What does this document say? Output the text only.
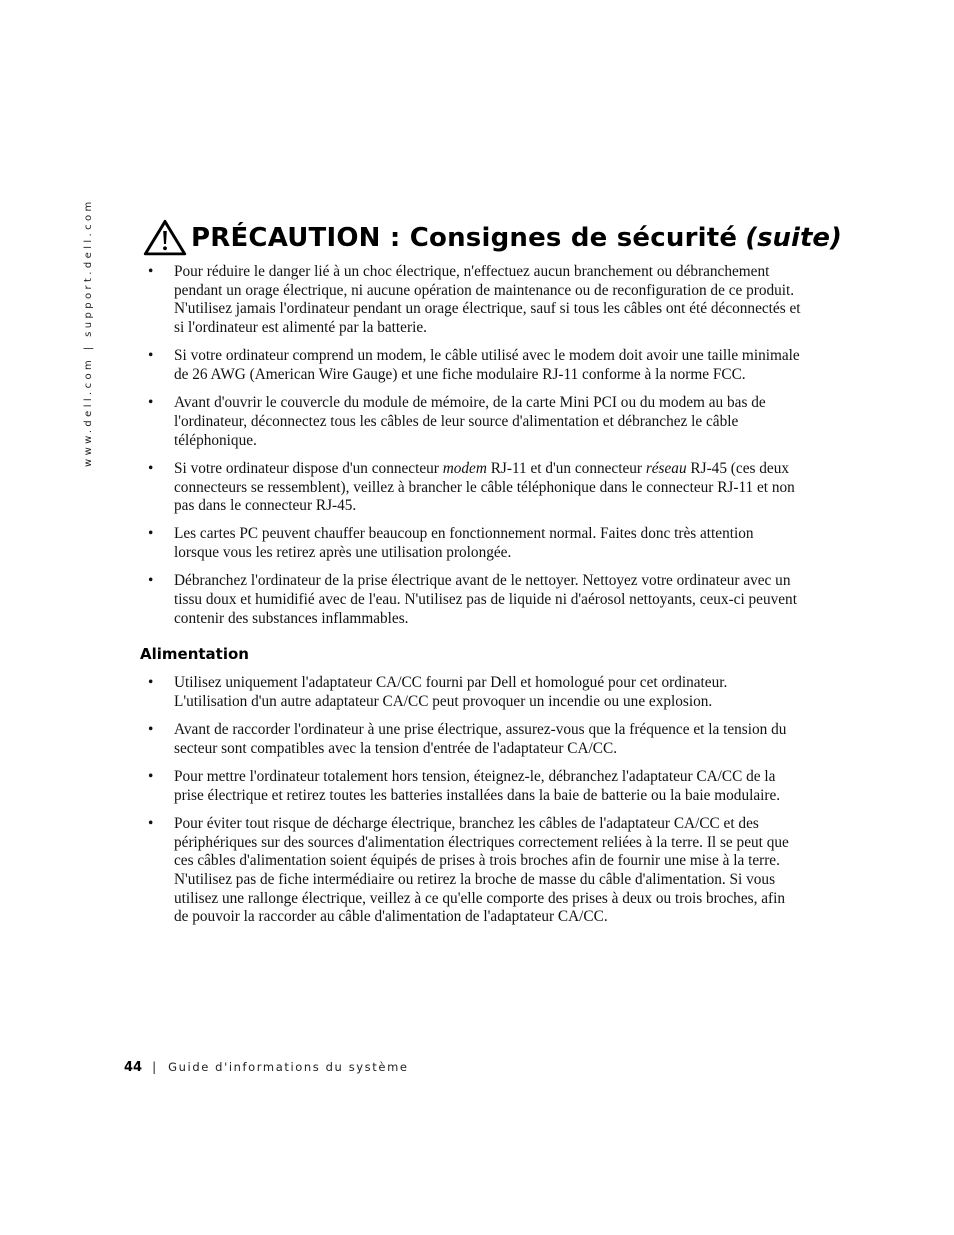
www.dell.com | support.dell.com	PRÉCAUTION : Consignes de sécurité (suite)
• Pour réduire le danger lié à un choc électrique, n'effectuez aucun branchement ou débranchement pendant un orage électrique, ni aucune opération de maintenance ou de reconfiguration de ce produit. N'utilisez jamais l'ordinateur pendant un orage électrique, sauf si tous les câbles ont été déconnectés et si l'ordinateur est alimenté par la batterie.
• Si votre ordinateur comprend un modem, le câble utilisé avec le modem doit avoir une taille minimale de 26 AWG (American Wire Gauge) et une fiche modulaire RJ-11 conforme à la norme FCC.
• Avant d'ouvrir le couvercle du module de mémoire, de la carte Mini PCI ou du modem au bas de l'ordinateur, déconnectez tous les câbles de leur source d'alimentation et débranchez le câble téléphonique.
• Si votre ordinateur dispose d'un connecteur modem RJ-11 et d'un connecteur réseau RJ-45 (ces deux connecteurs se ressemblent), veillez à brancher le câble téléphonique dans le connecteur RJ-11 et non pas dans le connecteur RJ-45.
• Les cartes PC peuvent chauffer beaucoup en fonctionnement normal. Faites donc très attention lorsque vous les retirez après une utilisation prolongée.
• Débranchez l'ordinateur de la prise électrique avant de le nettoyer. Nettoyez votre ordinateur avec un tissu doux et humidifié avec de l'eau. N'utilisez pas de liquide ni d'aérosol nettoyants, ceux-ci peuvent contenir des substances inflammables.
Alimentation
• Utilisez uniquement l'adaptateur CA/CC fourni par Dell et homologué pour cet ordinateur. L'utilisation d'un autre adaptateur CA/CC peut provoquer un incendie ou une explosion.
• Avant de raccorder l'ordinateur à une prise électrique, assurez-vous que la fréquence et la tension du secteur sont compatibles avec la tension d'entrée de l'adaptateur CA/CC.
• Pour mettre l'ordinateur totalement hors tension, éteignez-le, débranchez l'adaptateur CA/CC de la prise électrique et retirez toutes les batteries installées dans la baie de batterie ou la baie modulaire.
• Pour éviter tout risque de décharge électrique, branchez les câbles de l'adaptateur CA/CC et des périphériques sur des sources d'alimentation électriques correctement reliées à la terre. Il se peut que ces câbles d'alimentation soient équipés de prises à trois broches afin de fournir une mise à la terre. N'utilisez pas de fiche intermédiaire ou retirez la broche de masse du câble d'alimentation. Si vous utilisez une rallonge électrique, veillez à ce qu'elle comporte des prises à deux ou trois broches, afin de pouvoir la raccorder au câble d'alimentation de l'adaptateur CA/CC.
44 | Guide d'informations du système
